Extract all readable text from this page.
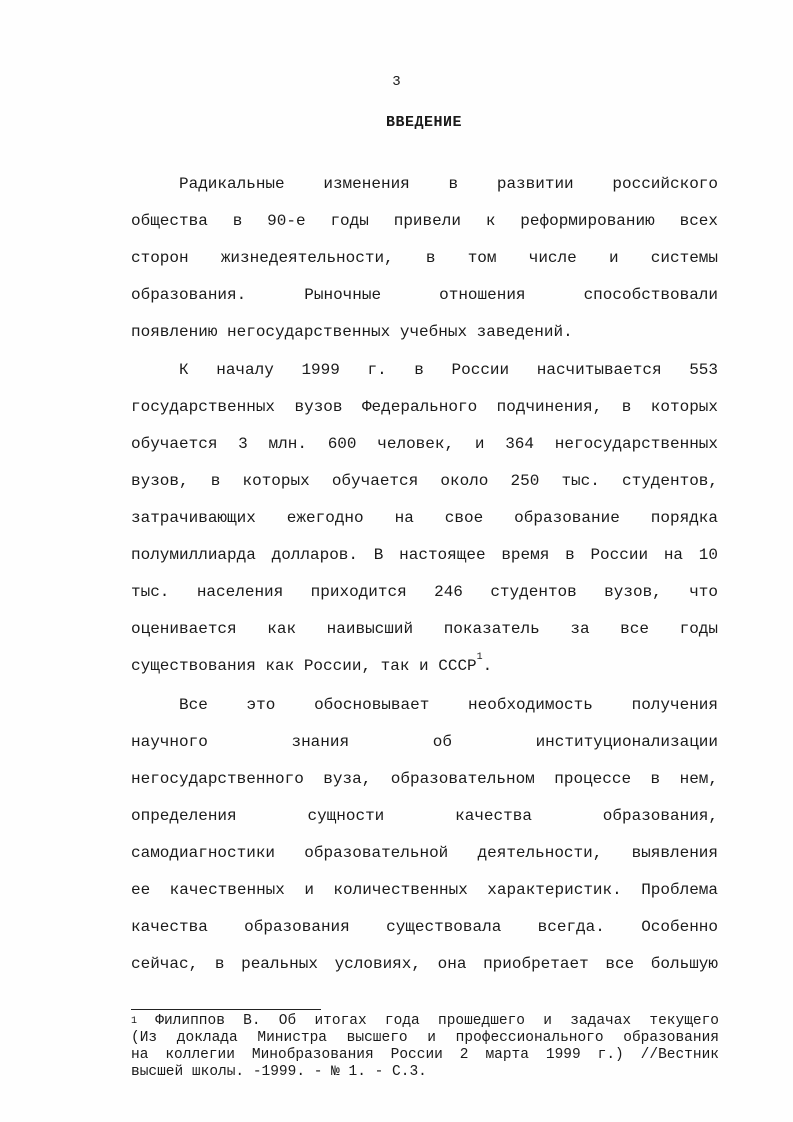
3
ВВЕДЕНИЕ
Радикальные изменения в развитии российского
общества в 90-е годы привели к реформированию всех
сторон жизнедеятельности, в том числе и системы
образования. Рыночные отношения способствовали
появлению негосударственных учебных заведений.
К началу 1999 г. в России насчитывается 553
государственных вузов Федерального подчинения, в которых
обучается 3 млн. 600 человек, и 364 негосударственных
вузов, в которых обучается около 250 тыс. студентов,
затрачивающих ежегодно на свое образование порядка
полумиллиарда долларов. В настоящее время в России на 10
тыс. населения приходится 246 студентов вузов, что
оценивается как наивысший показатель за все годы
существования как России, так и СССР$^1$.
Все это обосновывает необходимость получения
научного знания об институционализации
негосударственного вуза, образовательном процессе в нем,
определения сущности качества образования,
самодиагностики образовательной деятельности, выявления
ее качественных и количественных характеристик. Проблема
качества образования существовала всегда. Особенно
сейчас, в реальных условиях, она приобретает все большую
$^1$ Филиппов В. Об итогах года прошедшего и задачах текущего
(Из доклада Министра высшего и профессионального образования
на коллегии Минобразования России 2 марта 1999 г.) //Вестник
высшей школы. -1999. - № 1. - С.3.
